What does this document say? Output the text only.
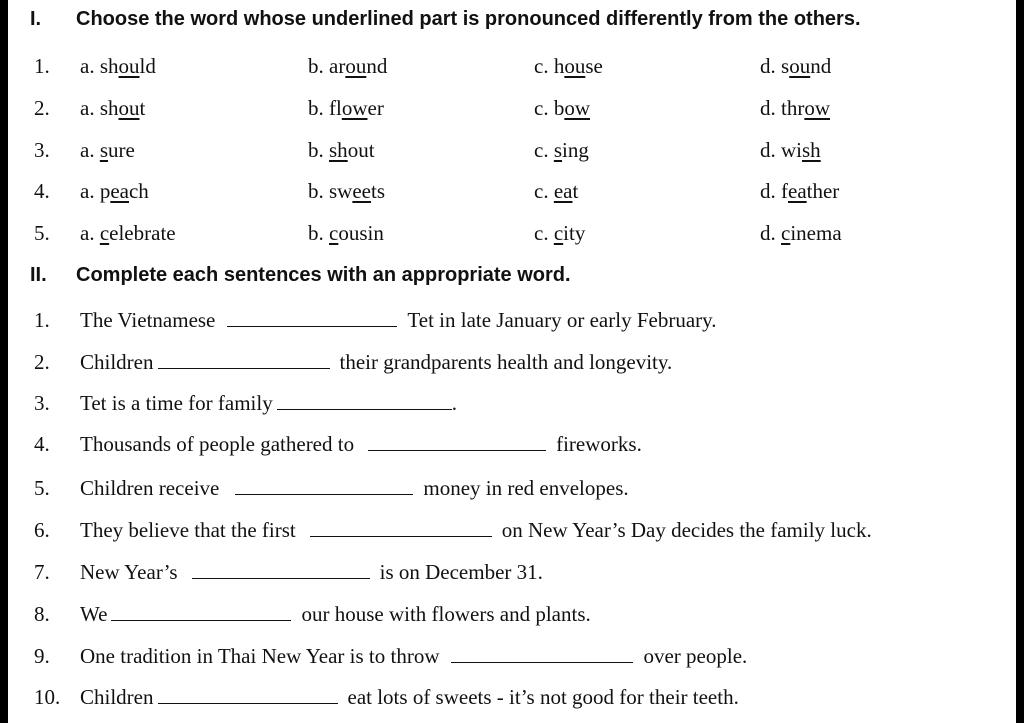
I. Choose the word whose underlined part is pronounced differently from the others.
1. a. should	b. around	c. house	d. sound
2. a. shout	b. flower	c. bow	d. throw
3. a. sure	b. shout	c. sing	d. wish
4. a. peach	b. sweets	c. eat	d. feather
5. a. celebrate	b. cousin	c. city	d. cinema
II. Complete each sentences with an appropriate word.
1. The Vietnamese	Tet in late January or early February.
2. Children	their grandparents health and longevity.
3. Tet is a time for family	.
4. Thousands of people gathered to	fireworks.
5. Children receive	money in red envelopes.
6. They believe that the first	on New Year’s Day decides the family luck.
7. New Year’s	is on December 31.
8. We	our house with flowers and plants.
9. One tradition in Thai New Year is to throw	over people.
10. Children	eat lots of sweets - it’s not good for their teeth.
